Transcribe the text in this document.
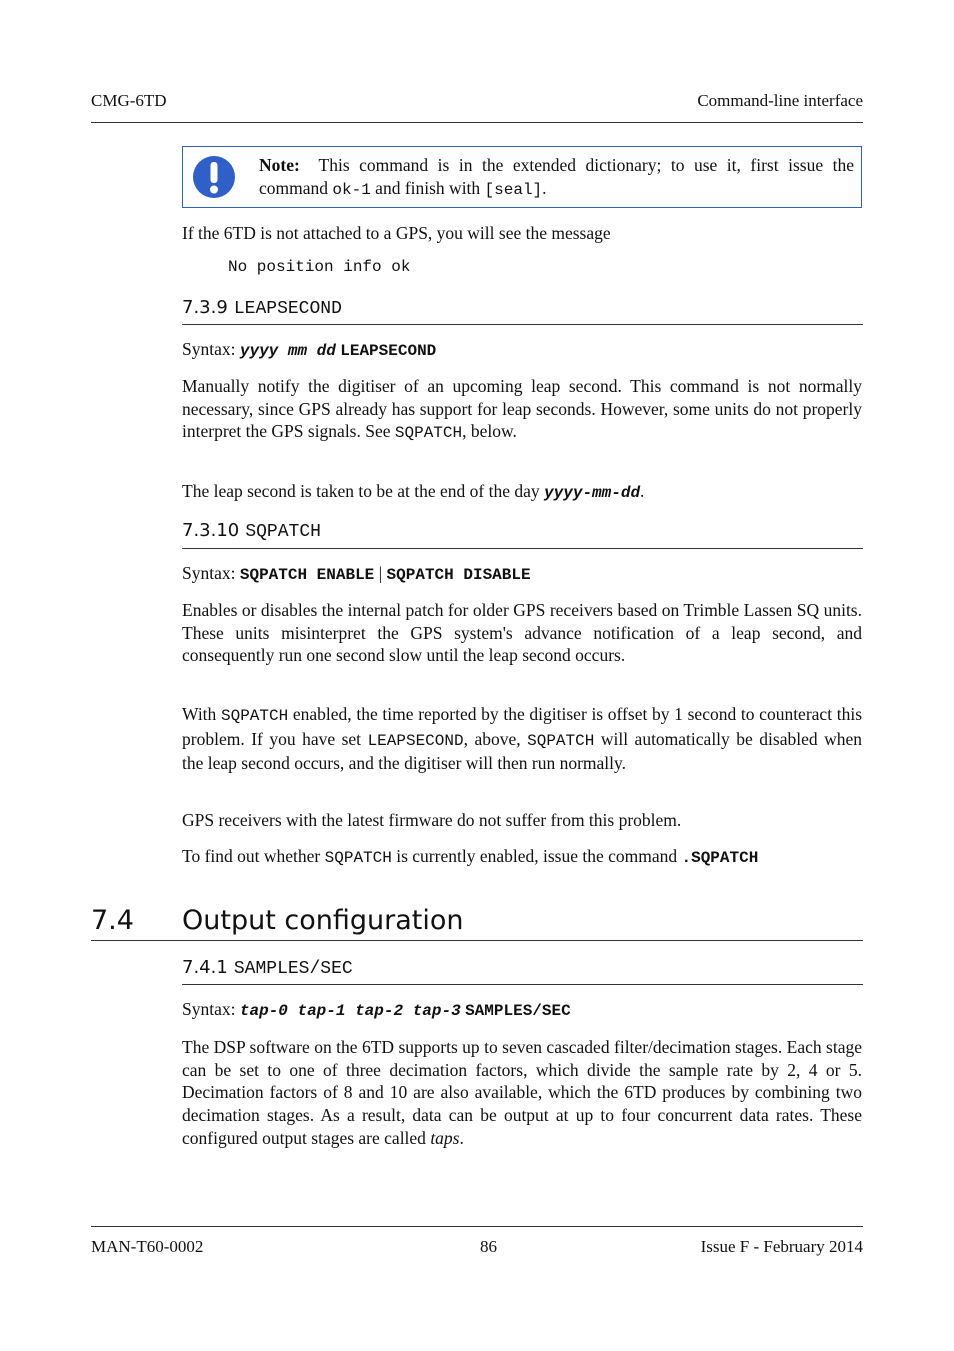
CMG-6TD	Command-line interface
Note: This command is in the extended dictionary; to use it, first issue the command ok-1 and finish with [seal].
If the 6TD is not attached to a GPS, you will see the message
No position info ok
7.3.9 LEAPSECOND
Syntax: yyyy mm dd LEAPSECOND
Manually notify the digitiser of an upcoming leap second. This command is not normally necessary, since GPS already has support for leap seconds. However, some units do not properly interpret the GPS signals. See SQPATCH, below.
The leap second is taken to be at the end of the day yyyy-mm-dd.
7.3.10 SQPATCH
Syntax: SQPATCH ENABLE | SQPATCH DISABLE
Enables or disables the internal patch for older GPS receivers based on Trimble Lassen SQ units. These units misinterpret the GPS system's advance notification of a leap second, and consequently run one second slow until the leap second occurs.
With SQPATCH enabled, the time reported by the digitiser is offset by 1 second to counteract this problem. If you have set LEAPSECOND, above, SQPATCH will automatically be disabled when the leap second occurs, and the digitiser will then run normally.
GPS receivers with the latest firmware do not suffer from this problem.
To find out whether SQPATCH is currently enabled, issue the command .SQPATCH
7.4 Output configuration
7.4.1 SAMPLES/SEC
Syntax: tap-0 tap-1 tap-2 tap-3 SAMPLES/SEC
The DSP software on the 6TD supports up to seven cascaded filter/decimation stages. Each stage can be set to one of three decimation factors, which divide the sample rate by 2, 4 or 5. Decimation factors of 8 and 10 are also available, which the 6TD produces by combining two decimation stages. As a result, data can be output at up to four concurrent data rates. These configured output stages are called taps.
MAN-T60-0002	86	Issue F - February 2014
